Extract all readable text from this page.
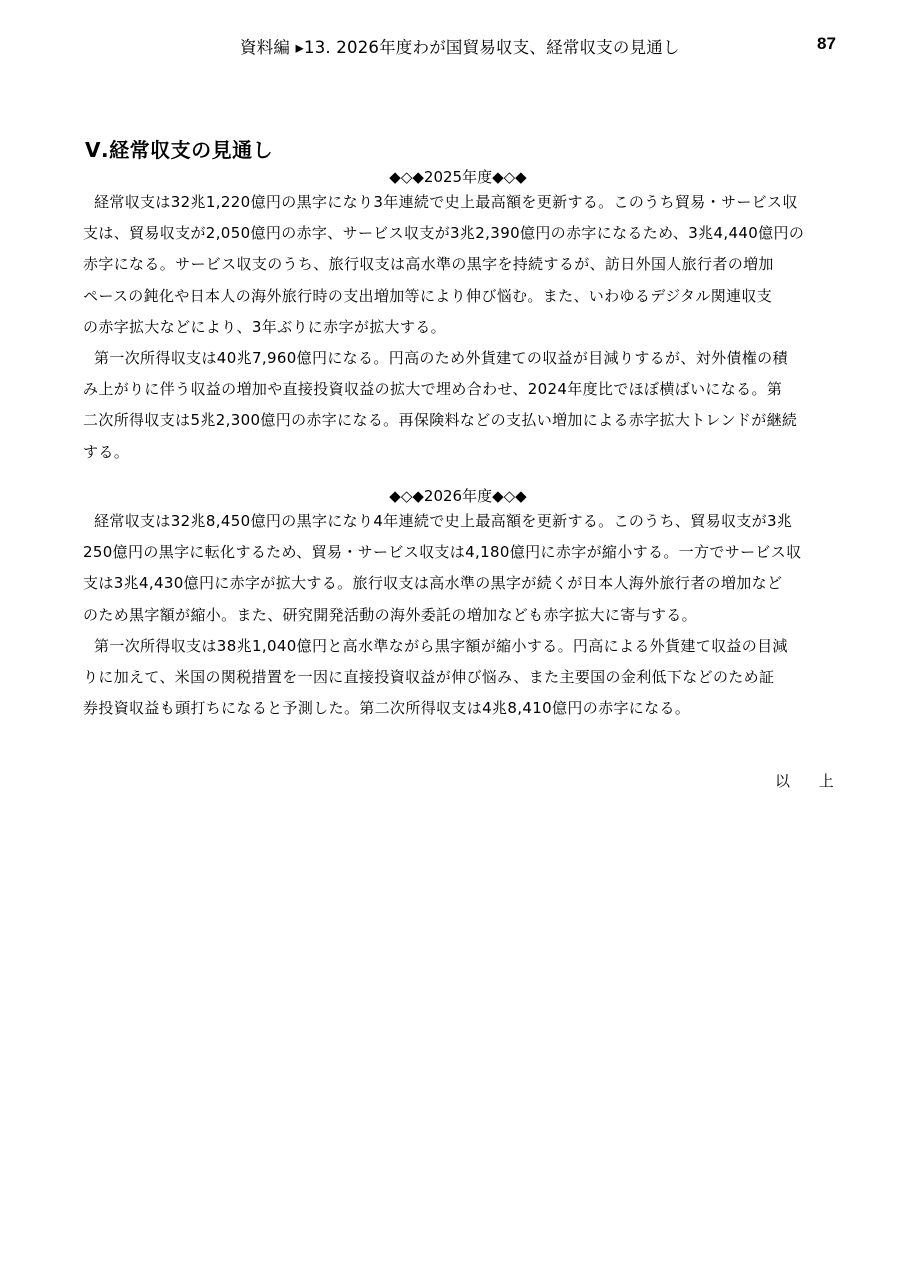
資料編 ▸13. 2026年度わが国貿易収支、経常収支の見通し	87
Ⅴ.経常収支の見通し
◆◇◆2025年度◆◇◆
経常収支は32兆1,220億円の黒字になり3年連続で史上最高額を更新する。このうち貿易・サービス収
支は、貿易収支が2,050億円の赤字、サービス収支が3兆2,390億円の赤字になるため、3兆4,440億円の
赤字になる。サービス収支のうち、旅行収支は高水準の黒字を持続するが、訪日外国人旅行者の増加
ペースの鈍化や日本人の海外旅行時の支出増加等により伸び悩む。また、いわゆるデジタル関連収支
の赤字拡大などにより、3年ぶりに赤字が拡大する。
第一次所得収支は40兆7,960億円になる。円高のため外貨建ての収益が目減りするが、対外債権の積
み上がりに伴う収益の増加や直接投資収益の拡大で埋め合わせ、2024年度比でほぼ横ばいになる。第
二次所得収支は5兆2,300億円の赤字になる。再保険料などの支払い増加による赤字拡大トレンドが継続
する。
◆◇◆2026年度◆◇◆
経常収支は32兆8,450億円の黒字になり4年連続で史上最高額を更新する。このうち、貿易収支が3兆
250億円の黒字に転化するため、貿易・サービス収支は4,180億円に赤字が縮小する。一方でサービス収
支は3兆4,430億円に赤字が拡大する。旅行収支は高水準の黒字が続くが日本人海外旅行者の増加など
のため黒字額が縮小。また、研究開発活動の海外委託の増加なども赤字拡大に寄与する。
第一次所得収支は38兆1,040億円と高水準ながら黒字額が縮小する。円高による外貨建て収益の目減
りに加えて、米国の関税措置を一因に直接投資収益が伸び悩み、また主要国の金利低下などのため証
券投資収益も頭打ちになると予測した。第二次所得収支は4兆8,410億円の赤字になる。
以 上
